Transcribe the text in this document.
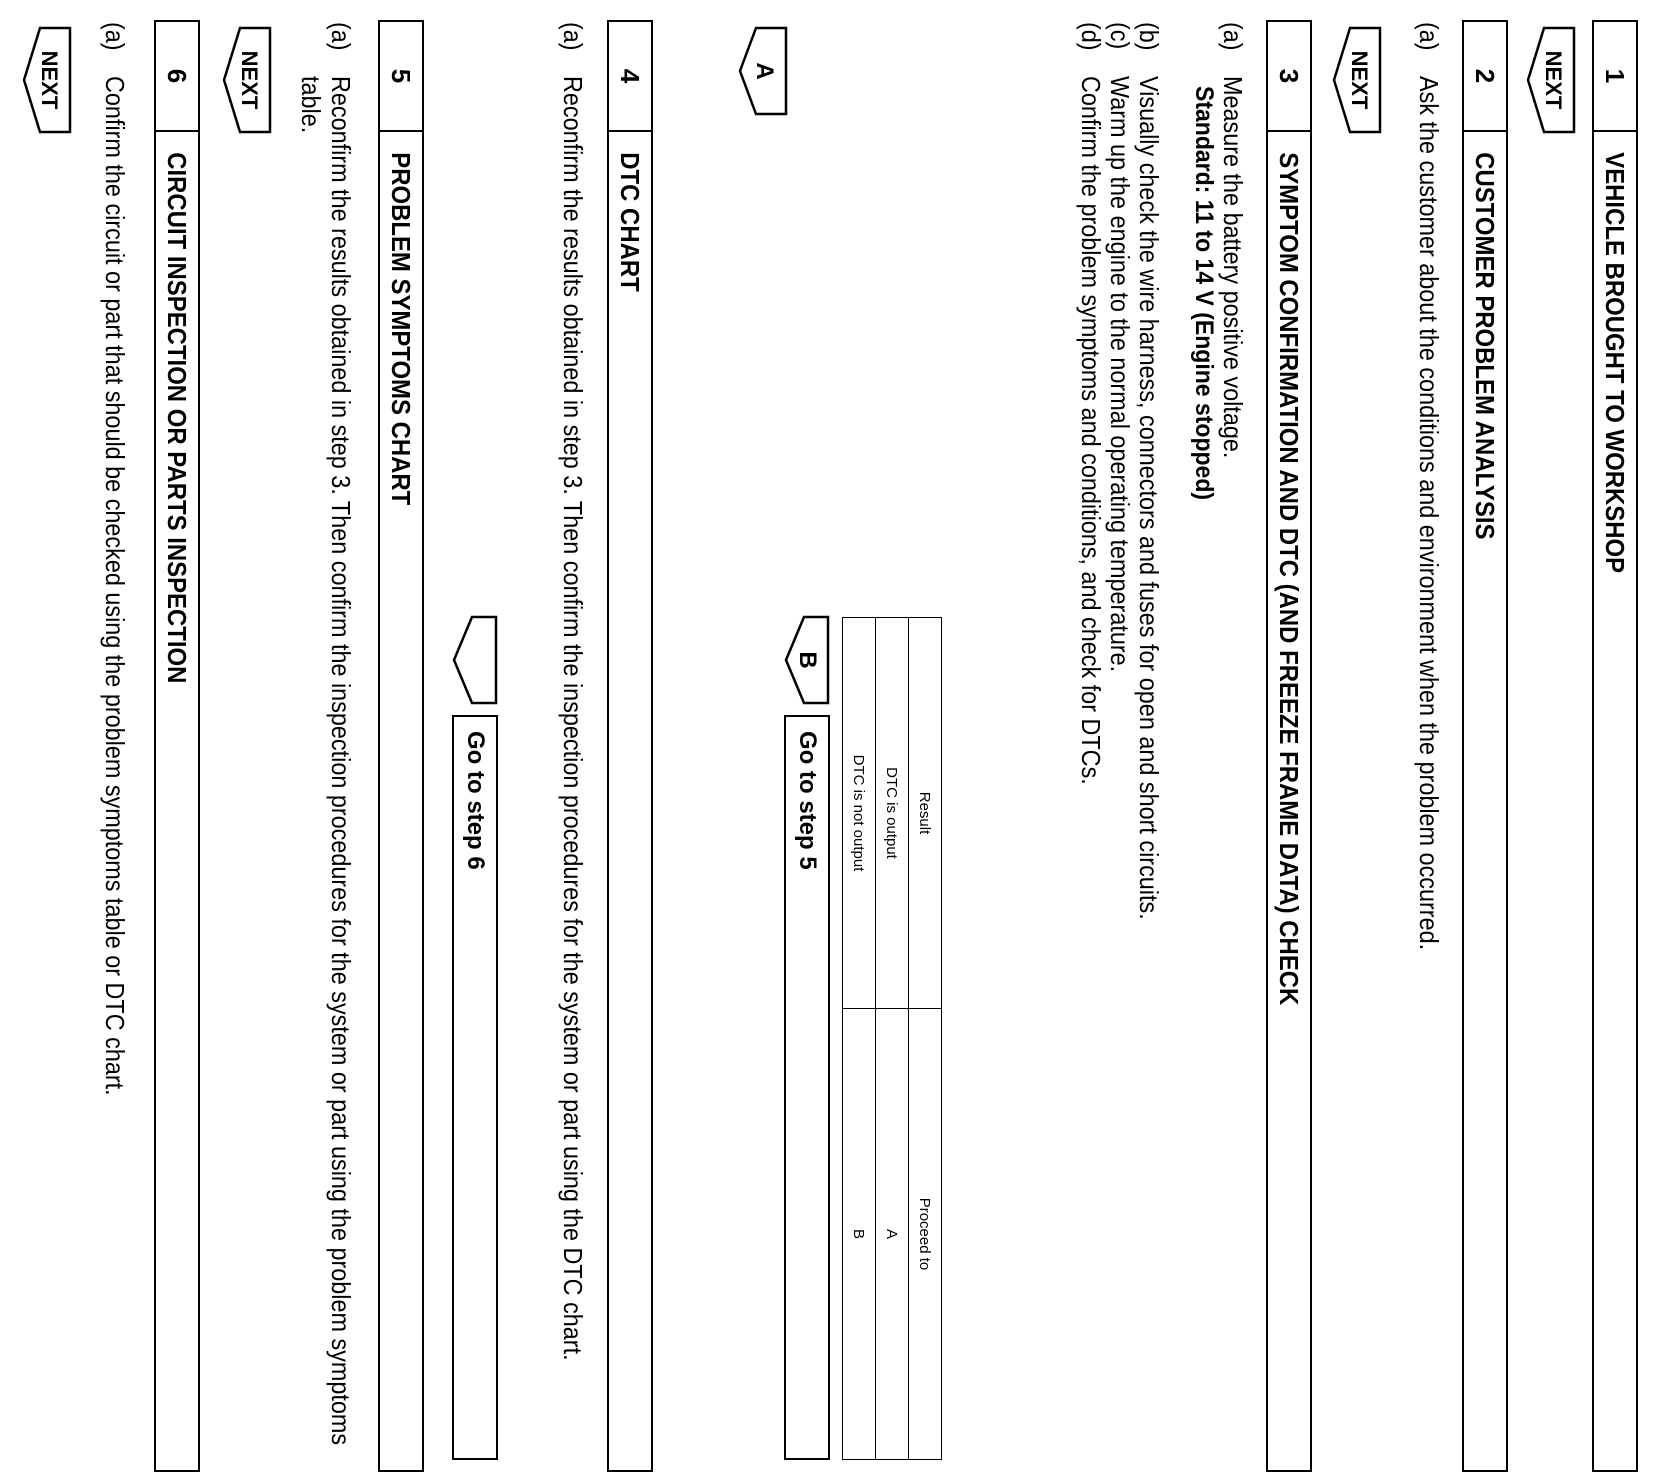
1
VEHICLE BROUGHT TO WORKSHOP
NEXT
2
CUSTOMER PROBLEM ANALYSIS
(a)
Ask the customer about the conditions and environment when the problem occurred.
NEXT
3
SYMPTOM CONFIRMATION AND DTC (AND FREEZE FRAME DATA) CHECK
(a)
Measure the battery positive voltage.
Standard: 11 to 14 V (Engine stopped)
(b)
Visually check the wire harness, connectors and fuses for open and short circuits.
(c)
Warm up the engine to the normal operating temperature.
(d)
Confirm the problem symptoms and conditions, and check for DTCs.
Result	Proceed to
DTC is output	A
DTC is not output	B
B
Go to step 5
A
4
DTC CHART
(a)
Reconfirm the results obtained in step 3. Then confirm the inspection procedures for the system or part using the DTC chart.
Go to step 6
5
PROBLEM SYMPTOMS CHART
(a)
Reconfirm the results obtained in step 3. Then confirm the inspection procedures for the system or part using the problem symptoms table.
NEXT
6
CIRCUIT INSPECTION OR PARTS INSPECTION
(a)
Confirm the circuit or part that should be checked using the problem symptoms table or DTC chart.
NEXT
